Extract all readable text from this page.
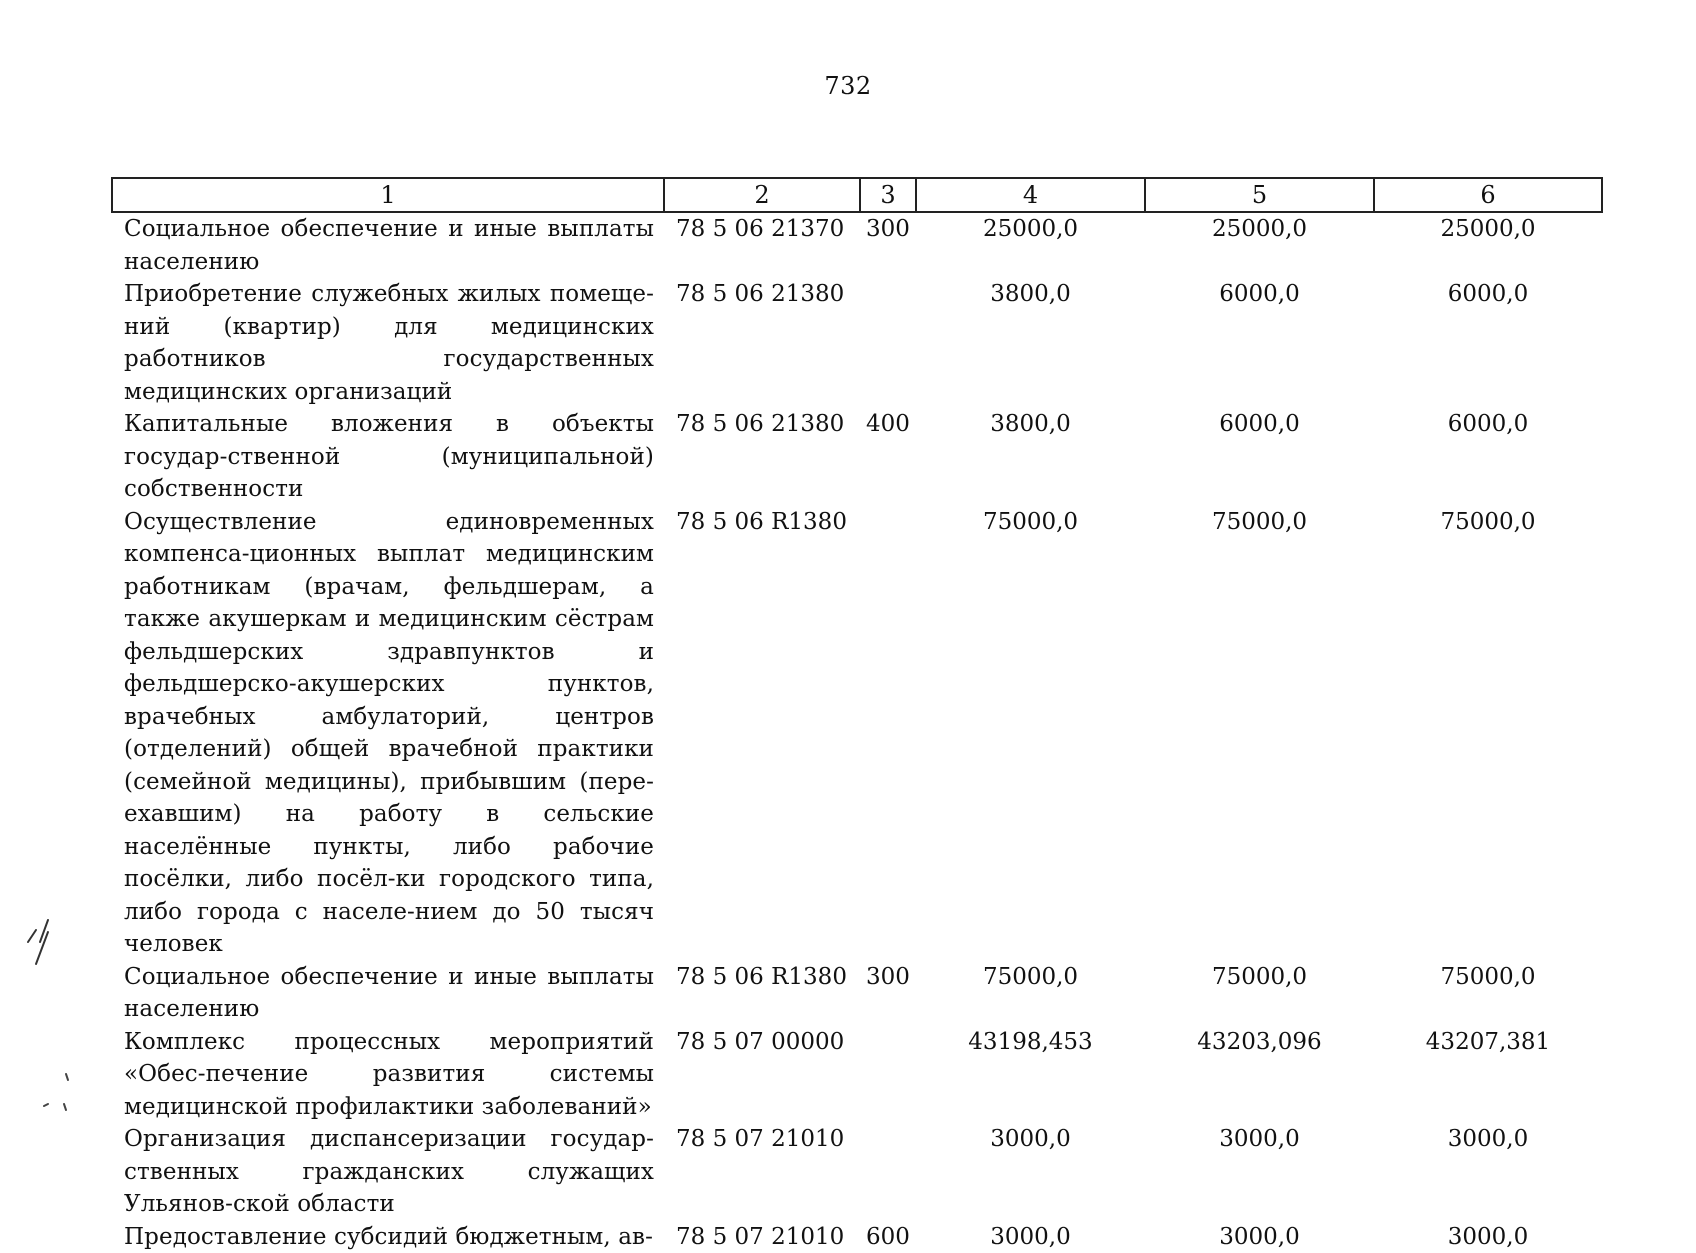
732
1	2	3	4	5	6
Социальное обеспечение и иные выплаты населению	78 5 06 21370	300	25000,0	25000,0	25000,0
Приобретение служебных жилых помеще-ний (квартир) для медицинских работников государственных медицинских организаций	78 5 06 21380		3800,0	6000,0	6000,0
Капитальные вложения в объекты государ-ственной (муниципальной) собственности	78 5 06 21380	400	3800,0	6000,0	6000,0
Осуществление единовременных компенса-ционных выплат медицинским работникам (врачам, фельдшерам, а также акушеркам и медицинским сёстрам фельдшерских здравпунктов и фельдшерско-акушерских пунктов, врачебных амбулаторий, центров (отделений) общей врачебной практики (семейной медицины), прибывшим (пере-ехавшим) на работу в сельские населённые пункты, либо рабочие посёлки, либо посёл-ки городского типа, либо города с населе-нием до 50 тысяч человек	78 5 06 R1380		75000,0	75000,0	75000,0
Социальное обеспечение и иные выплаты населению	78 5 06 R1380	300	75000,0	75000,0	75000,0
Комплекс процессных мероприятий «Обес-печение развития системы медицинской профилактики заболеваний»	78 5 07 00000		43198,453	43203,096	43207,381
Организация диспансеризации государ-ственных гражданских служащих Ульянов-ской области	78 5 07 21010		3000,0	3000,0	3000,0
Предоставление субсидий бюджетным, ав-	78 5 07 21010	600	3000,0	3000,0	3000,0
